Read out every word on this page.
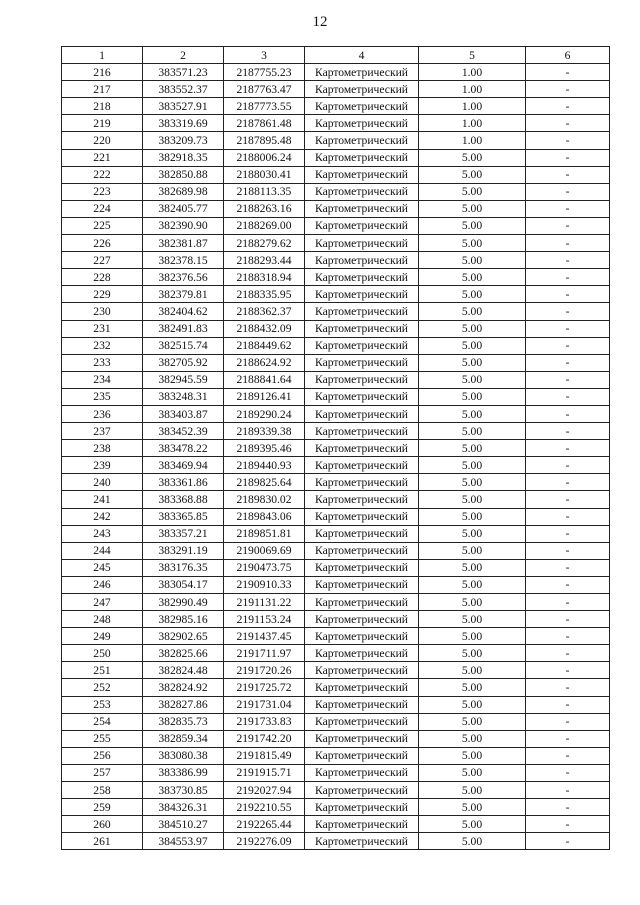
12
1	2	3	4	5	6
216	383571.23	2187755.23	Картометрический	1.00	-
217	383552.37	2187763.47	Картометрический	1.00	-
218	383527.91	2187773.55	Картометрический	1.00	-
219	383319.69	2187861.48	Картометрический	1.00	-
220	383209.73	2187895.48	Картометрический	1.00	-
221	382918.35	2188006.24	Картометрический	5.00	-
222	382850.88	2188030.41	Картометрический	5.00	-
223	382689.98	2188113.35	Картометрический	5.00	-
224	382405.77	2188263.16	Картометрический	5.00	-
225	382390.90	2188269.00	Картометрический	5.00	-
226	382381.87	2188279.62	Картометрический	5.00	-
227	382378.15	2188293.44	Картометрический	5.00	-
228	382376.56	2188318.94	Картометрический	5.00	-
229	382379.81	2188335.95	Картометрический	5.00	-
230	382404.62	2188362.37	Картометрический	5.00	-
231	382491.83	2188432.09	Картометрический	5.00	-
232	382515.74	2188449.62	Картометрический	5.00	-
233	382705.92	2188624.92	Картометрический	5.00	-
234	382945.59	2188841.64	Картометрический	5.00	-
235	383248.31	2189126.41	Картометрический	5.00	-
236	383403.87	2189290.24	Картометрический	5.00	-
237	383452.39	2189339.38	Картометрический	5.00	-
238	383478.22	2189395.46	Картометрический	5.00	-
239	383469.94	2189440.93	Картометрический	5.00	-
240	383361.86	2189825.64	Картометрический	5.00	-
241	383368.88	2189830.02	Картометрический	5.00	-
242	383365.85	2189843.06	Картометрический	5.00	-
243	383357.21	2189851.81	Картометрический	5.00	-
244	383291.19	2190069.69	Картометрический	5.00	-
245	383176.35	2190473.75	Картометрический	5.00	-
246	383054.17	2190910.33	Картометрический	5.00	-
247	382990.49	2191131.22	Картометрический	5.00	-
248	382985.16	2191153.24	Картометрический	5.00	-
249	382902.65	2191437.45	Картометрический	5.00	-
250	382825.66	2191711.97	Картометрический	5.00	-
251	382824.48	2191720.26	Картометрический	5.00	-
252	382824.92	2191725.72	Картометрический	5.00	-
253	382827.86	2191731.04	Картометрический	5.00	-
254	382835.73	2191733.83	Картометрический	5.00	-
255	382859.34	2191742.20	Картометрический	5.00	-
256	383080.38	2191815.49	Картометрический	5.00	-
257	383386.99	2191915.71	Картометрический	5.00	-
258	383730.85	2192027.94	Картометрический	5.00	-
259	384326.31	2192210.55	Картометрический	5.00	-
260	384510.27	2192265.44	Картометрический	5.00	-
261	384553.97	2192276.09	Картометрический	5.00	-
